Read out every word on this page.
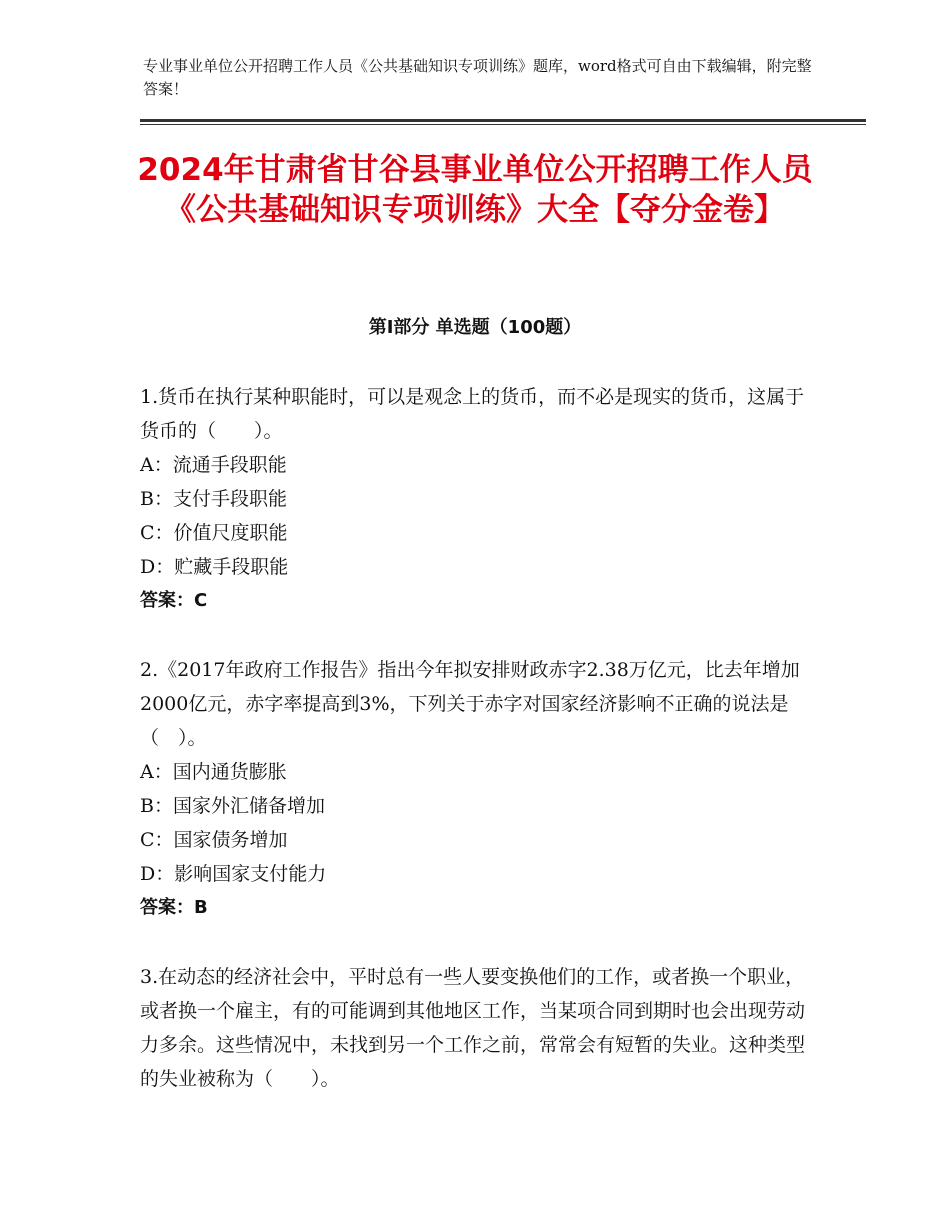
专业事业单位公开招聘工作人员《公共基础知识专项训练》题库，word格式可自由下载编辑，附完整答案！
2024年甘肃省甘谷县事业单位公开招聘工作人员《公共基础知识专项训练》大全【夺分金卷】
第Ⅰ部分 单选题（100题）

1.货币在执行某种职能时，可以是观念上的货币，而不必是现实的货币，这属于货币的（　　）。

A：流通手段职能

B：支付手段职能

C：价值尺度职能

D：贮藏手段职能

答案：C

2.《2017年政府工作报告》指出今年拟安排财政赤字2.38万亿元，比去年增加2000亿元，赤字率提高到3%，下列关于赤字对国家经济影响不正确的说法是（　）。

A：国内通货膨胀

B：国家外汇储备增加

C：国家债务增加

D：影响国家支付能力

答案：B

3.在动态的经济社会中，平时总有一些人要变换他们的工作，或者换一个职业，或者换一个雇主，有的可能调到其他地区工作，当某项合同到期时也会出现劳动力多余。这些情况中，未找到另一个工作之前，常常会有短暂的失业。这种类型的失业被称为（　　）。
